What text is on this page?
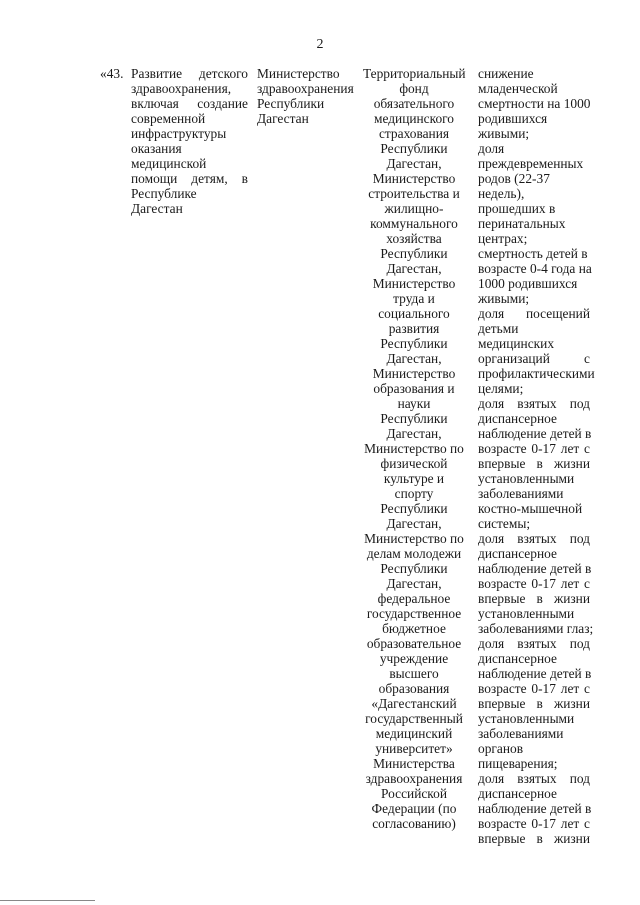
2
«43. Развитие детского
здравоохранения,
включая создание
современной
инфраструктуры
оказания
медицинской
помощи детям, в
Республике
Дагестан
Министерство
здравоохранения
Республики
Дагестан
Территориальный
фонд
обязательного
медицинского
страхования
Республики
Дагестан,
Министерство
строительства и
жилищно-
коммунального
хозяйства
Республики
Дагестан,
Министерство
труда и
социального
развития
Республики
Дагестан,
Министерство
образования и
науки
Республики
Дагестан,
Министерство по
физической
культуре и
спорту
Республики
Дагестан,
Министерство по
делам молодежи
Республики
Дагестан,
федеральное
государственное
бюджетное
образовательное
учреждение
высшего
образования
«Дагестанский
государственный
медицинский
университет»
Министерства
здравоохранения
Российской
Федерации (по
согласованию)
снижение
младенческой
смертности на 1000
родившихся
живыми;
доля
преждевременных
родов (22-37
недель),
прошедших в
перинатальных
центрах;
смертность детей в
возрасте 0-4 года на
1000 родившихся
живыми;
доля посещений
детьми
медицинских
организаций с
профилактическими
целями;
доля взятых под
диспансерное
наблюдение детей в
возрасте 0-17 лет с
впервые в жизни
установленными
заболеваниями
костно-мышечной
системы;
доля взятых под
диспансерное
наблюдение детей в
возрасте 0-17 лет с
впервые в жизни
установленными
заболеваниями глаз;
доля взятых под
диспансерное
наблюдение детей в
возрасте 0-17 лет с
впервые в жизни
установленными
заболеваниями
органов
пищеварения;
доля взятых под
диспансерное
наблюдение детей в
возрасте 0-17 лет с
впервые в жизни
